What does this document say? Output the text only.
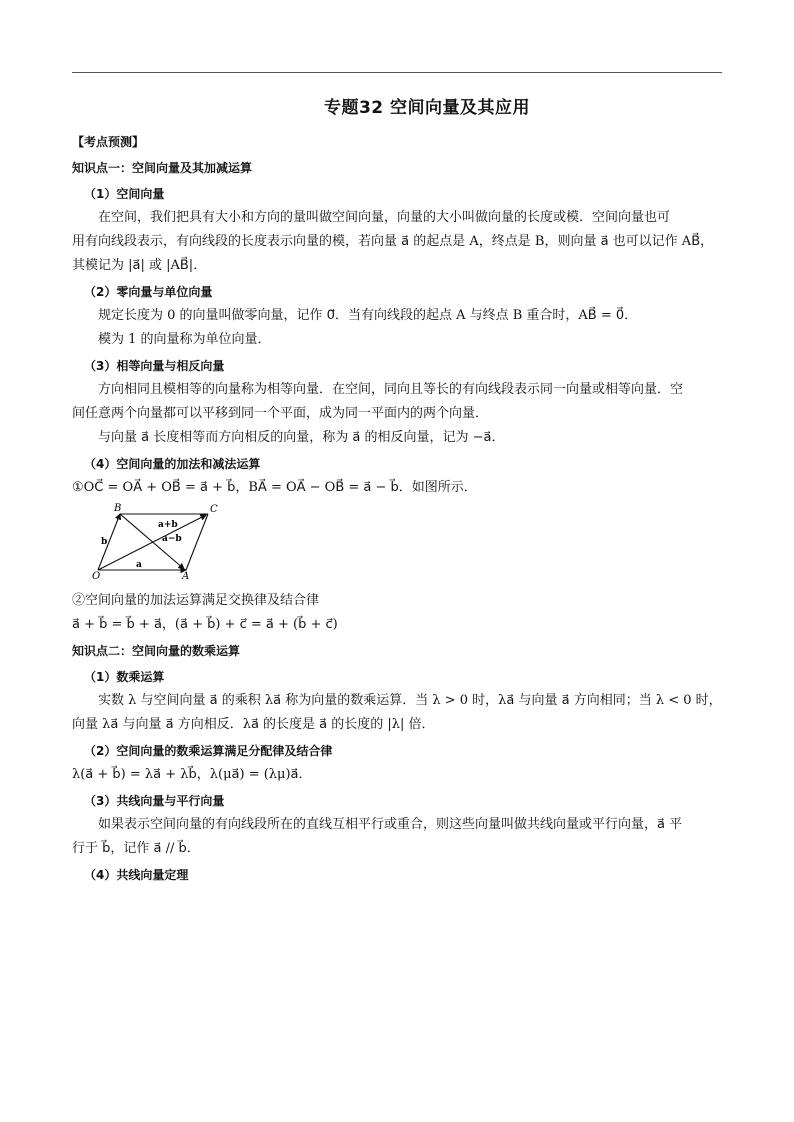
专题32 空间向量及其应用

【考点预测】

知识点一：空间向量及其加减运算

（1）空间向量

在空间，我们把具有大小和方向的量叫做空间向量，向量的大小叫做向量的长度或模．空间向量也可

用有向线段表示，有向线段的长度表示向量的模，若向量 a⃗ 的起点是 A，终点是 B，则向量 a⃗ 也可以记作 AB⃗，

其模记为 |a⃗| 或 |AB⃗|．

（2）零向量与单位向量

规定长度为 0 的向量叫做零向量，记作 0⃗．当有向线段的起点 A 与终点 B 重合时，AB⃗ = 0⃗．

模为 1 的向量称为单位向量．

（3）相等向量与相反向量

方向相同且模相等的向量称为相等向量．在空间，同向且等长的有向线段表示同一向量或相等向量．空

间任意两个向量都可以平移到同一个平面，成为同一平面内的两个向量．

与向量 a⃗ 长度相等而方向相反的向量，称为 a⃗ 的相反向量，记为 −a⃗．

（4）空间向量的加法和减法运算

①OC⃗ = OA⃗ + OB⃗ = a⃗ + b⃗，BA⃗ = OA⃗ − OB⃗ = a⃗ − b⃗．如图所示．

B	C
O	A
b
a
a+b
a−b

②空间向量的加法运算满足交换律及结合律

a⃗ + b⃗ = b⃗ + a⃗，(a⃗ + b⃗) + c⃗ = a⃗ + (b⃗ + c⃗)

知识点二：空间向量的数乘运算

（1）数乘运算

实数 λ 与空间向量 a⃗ 的乘积 λa⃗ 称为向量的数乘运算．当 λ > 0 时，λa⃗ 与向量 a⃗ 方向相同；当 λ < 0 时，

向量 λa⃗ 与向量 a⃗ 方向相反．λa⃗ 的长度是 a⃗ 的长度的 |λ| 倍．

（2）空间向量的数乘运算满足分配律及结合律

λ(a⃗ + b⃗) = λa⃗ + λb⃗，λ(μa⃗) = (λμ)a⃗．

（3）共线向量与平行向量

如果表示空间向量的有向线段所在的直线互相平行或重合，则这些向量叫做共线向量或平行向量，a⃗ 平

行于 b⃗，记作 a⃗ // b⃗．

（4）共线向量定理
